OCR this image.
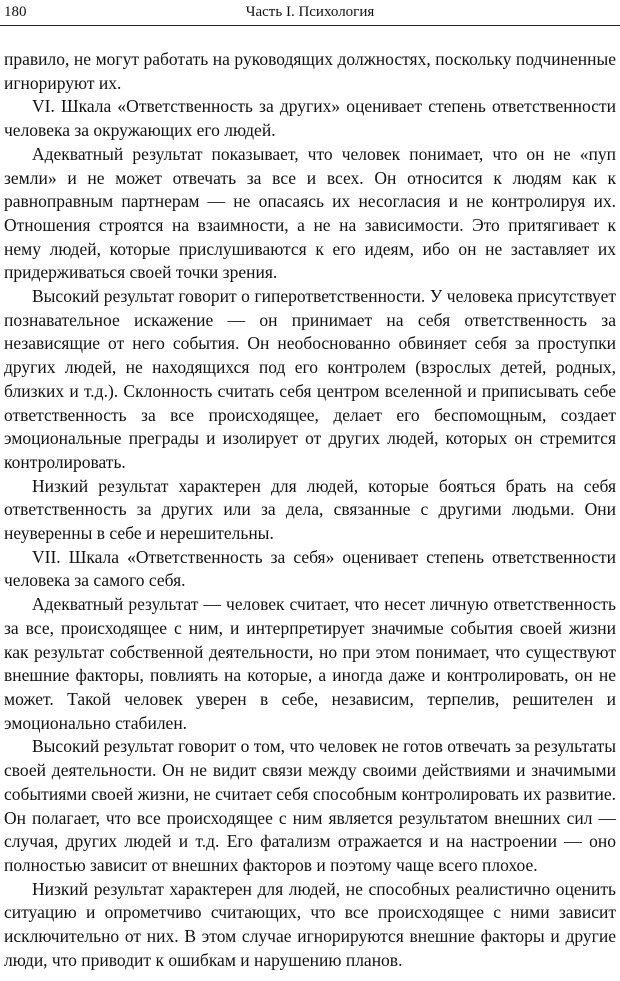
180	Часть I. Психология

правило, не могут работать на руководящих должностях, поскольку подчиненные игнорируют их.

VI. Шкала «Ответственность за других» оценивает степень ответственности человека за окружающих его людей.

Адекватный результат показывает, что человек понимает, что он не «пуп земли» и не может отвечать за все и всех. Он относится к людям как к равноправным партнерам — не опасаясь их несогласия и не контролируя их. Отношения строятся на взаимности, а не на зависимости. Это притягивает к нему людей, которые прислушиваются к его идеям, ибо он не заставляет их придерживаться своей точки зрения.

Высокий результат говорит о гиперответственности. У человека присутствует познавательное искажение — он принимает на себя ответственность за независящие от него события. Он необоснованно обвиняет себя за проступки других людей, не находящихся под его контролем (взрослых детей, родных, близких и т.д.). Склонность считать себя центром вселенной и приписывать себе ответственность за все происходящее, делает его беспомощным, создает эмоциональные преграды и изолирует от других людей, которых он стремится контролировать.

Низкий результат характерен для людей, которые бояться брать на себя ответственность за других или за дела, связанные с другими людьми. Они неуверенны в себе и нерешительны.

VII. Шкала «Ответственность за себя» оценивает степень ответственности человека за самого себя.

Адекватный результат — человек считает, что несет личную ответственность за все, происходящее с ним, и интерпретирует значимые события своей жизни как результат собственной деятельности, но при этом понимает, что существуют внешние факторы, повлиять на которые, а иногда даже и контролировать, он не может. Такой человек уверен в себе, независим, терпелив, решителен и эмоционально стабилен.

Высокий результат говорит о том, что человек не готов отвечать за результаты своей деятельности. Он не видит связи между своими действиями и значимыми событиями своей жизни, не считает себя способным контролировать их развитие. Он полагает, что все происходящее с ним является результатом внешних сил — случая, других людей и т.д. Его фатализм отражается и на настроении — оно полностью зависит от внешних факторов и поэтому чаще всего плохое.

Низкий результат характерен для людей, не способных реалистично оценить ситуацию и опрометчиво считающих, что все происходящее с ними зависит исключительно от них. В этом случае игнорируются внешние факторы и другие люди, что приводит к ошибкам и нарушению планов.
